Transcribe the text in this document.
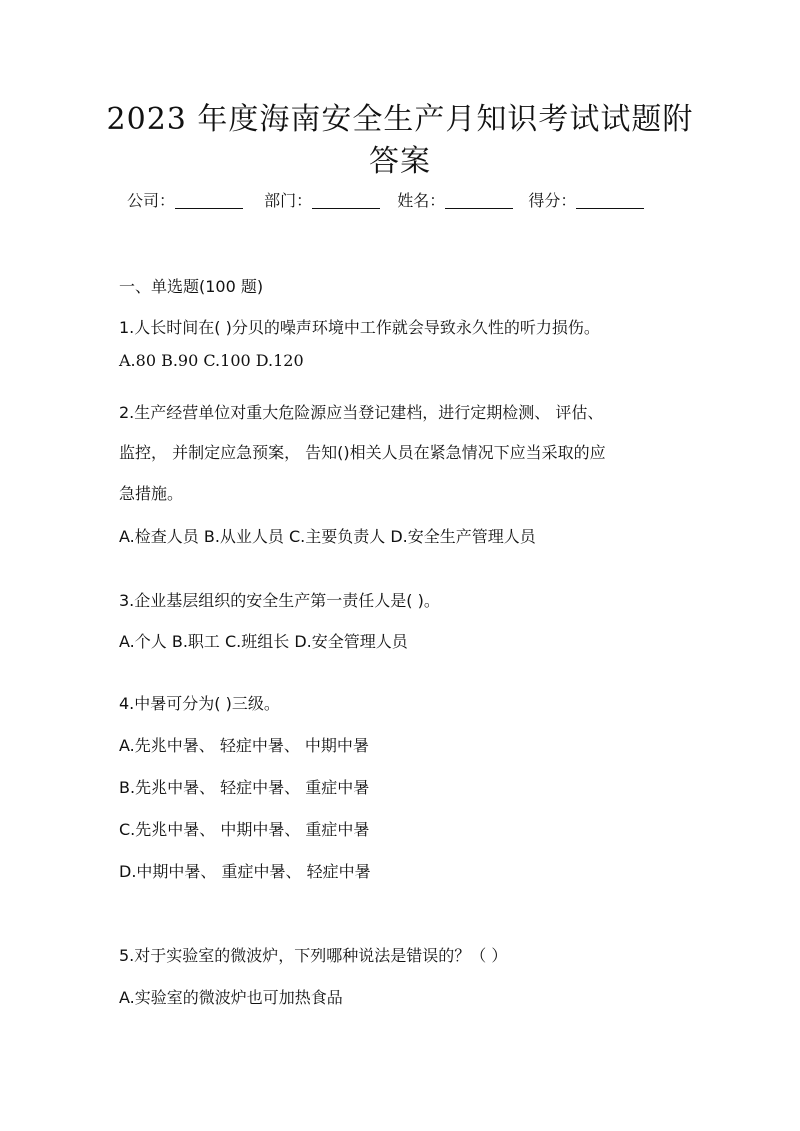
2023 年度海南安全生产月知识考试试题附
答案
公司：	部门：	姓名：	得分：
一、单选题(100 题)
1.人长时间在( )分贝的噪声环境中工作就会导致永久性的听力损伤。
A.80 B.90 C.100 D.120
2.生产经营单位对重大危险源应当登记建档，进行定期检测、 评估、
监控， 并制定应急预案， 告知()相关人员在紧急情况下应当采取的应
急措施。
A.检查人员 B.从业人员 C.主要负责人 D.安全生产管理人员
3.企业基层组织的安全生产第一责任人是( )。
A.个人 B.职工 C.班组长 D.安全管理人员
4.中暑可分为( )三级。
A.先兆中暑、 轻症中暑、 中期中暑
B.先兆中暑、 轻症中暑、 重症中暑
C.先兆中暑、 中期中暑、 重症中暑
D.中期中暑、 重症中暑、 轻症中暑
5.对于实验室的微波炉，下列哪种说法是错误的？（ ）
A.实验室的微波炉也可加热食品
